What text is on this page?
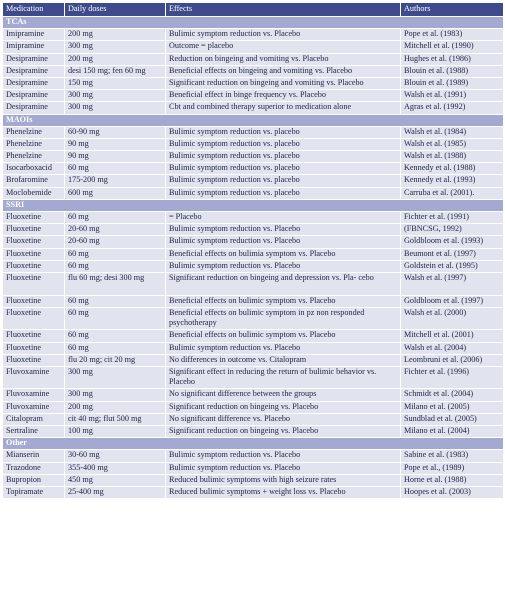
Medication	Daily doses	Effects	Authors
TCAs			
Imipramine	200 mg	Bulimic symptom reduction vs. Placebo	Pope et al. (1983)
Imipramine	300 mg	Outcome = placebo	Mitchell et al. (1990)
Desipramine	200 mg	Reduction on bingeing and vomiting vs. Placebo	Hughes et al. (1986)
Desipramine	desi 150 mg; fen 60 mg	Beneficial effects on bingeing and vomiting vs. Placebo	Blouin et al. (1988)
Desipramine	150 mg	Significant reduction on bingeing and vomiting vs. Placebo	Blouin et al. (1989)
Desipramine	300 mg	Beneficial effect in binge frequency vs. Placebo	Walsh et al. (1991)
Desipramine	300 mg	Cbt and combined therapy superior to medication alone	Agras et al. (1992)
MAOIs			
Phenelzine	60-90 mg	Bulimic symptom reduction vs. placebo	Walsh et al. (1984)
Phenelzine	90 mg	Bulimic symptom reduction vs. placebo	Walsh et al. (1985)
Phenelzine	90 mg	Bulimic symptom reduction vs. placebo	Walsh et al. (1988)
Isocarboxacid	60 mg	Bulimic symptom reduction vs. placebo	Kennedy et al. (1988)
Brofaromine	175-200 mg	Bulimic symptom reduction vs. placebo	Kennedy et al. (1993)
Moclobemide	600 mg	Bulimic symptom reduction vs. placebo	Carruba et al. (2001).
SSRI			
Fluoxetine	60 mg	= Placebo	Fichter et al. (1991)
Fluoxetine	20-60 mg	Bulimic symptom reduction vs. Placebo	(FBNCSG, 1992)
Fluoxetine	20-60 mg	Bulimic symptom reduction vs. Placebo	Goldbloom et al. (1993)
Fluoxetine	60 mg	Beneficial effects on bulimia symptom vs. Placebo	Beumont et al. (1997)
Fluoxetine	60 mg	Bulimic symptom reduction vs. Placebo	Goldstein et al. (1995)
Fluoxetine	flu 60 mg; desi 300 mg	Significant reduction on bingeing and depression vs. Pla- cebo	Walsh et al. (1997)
Fluoxetine	60 mg	Beneficial effects on bulimic symptom vs. Placebo	Goldbloom et al. (1997)
Fluoxetine	60 mg	Beneficial effects on bulimic symptom in pz non responded psychotherapy	Walsh et al. (2000)
Fluoxetine	60 mg	Beneficial effects on bulimic symptom vs. Placebo	Mitchell et al. (2001)
Fluoxetine	60 mg	Bulimic symptom reduction vs. Placebo	Walsh et al. (2004)
Fluoxetine	flu 20 mg; cit 20 mg	No differences in outcome vs. Citalopram	Leombruni et al. (2006)
Fluvoxamine	300 mg	Significant effect in reducing the return of bulimic behavior vs. Placebo	Fichter et al. (1996)
Fluvoxamine	300 mg	No significant difference between the groups	Schmidt et al. (2004)
Fluvoxamine	200 mg	Significant reduction on bingeing vs. Placebo	Milano et al. (2005)
Citalopram	cit 40 mg; flut 500 mg	No significant difference vs. Placebo	Sundblad et al. (2005)
Sertraline	100 mg	Significant reduction on bingeing vs. Placebo	Milano et al. (2004)
Other			
Mianserin	30-60 mg	Bulimic symptom reduction vs. Placebo	Sabine et al. (1983)
Trazodone	355-400 mg	Bulimic symptom reduction vs. Placebo	Pope et al., (1989)
Bupropion	450 mg	Reduced bulimic symptoms with high seizure rates	Horne et al. (1988)
Topiramate	25-400 mg	Reduced bulimic symptoms + weight loss vs. Placebo	Hoopes et al. (2003)
